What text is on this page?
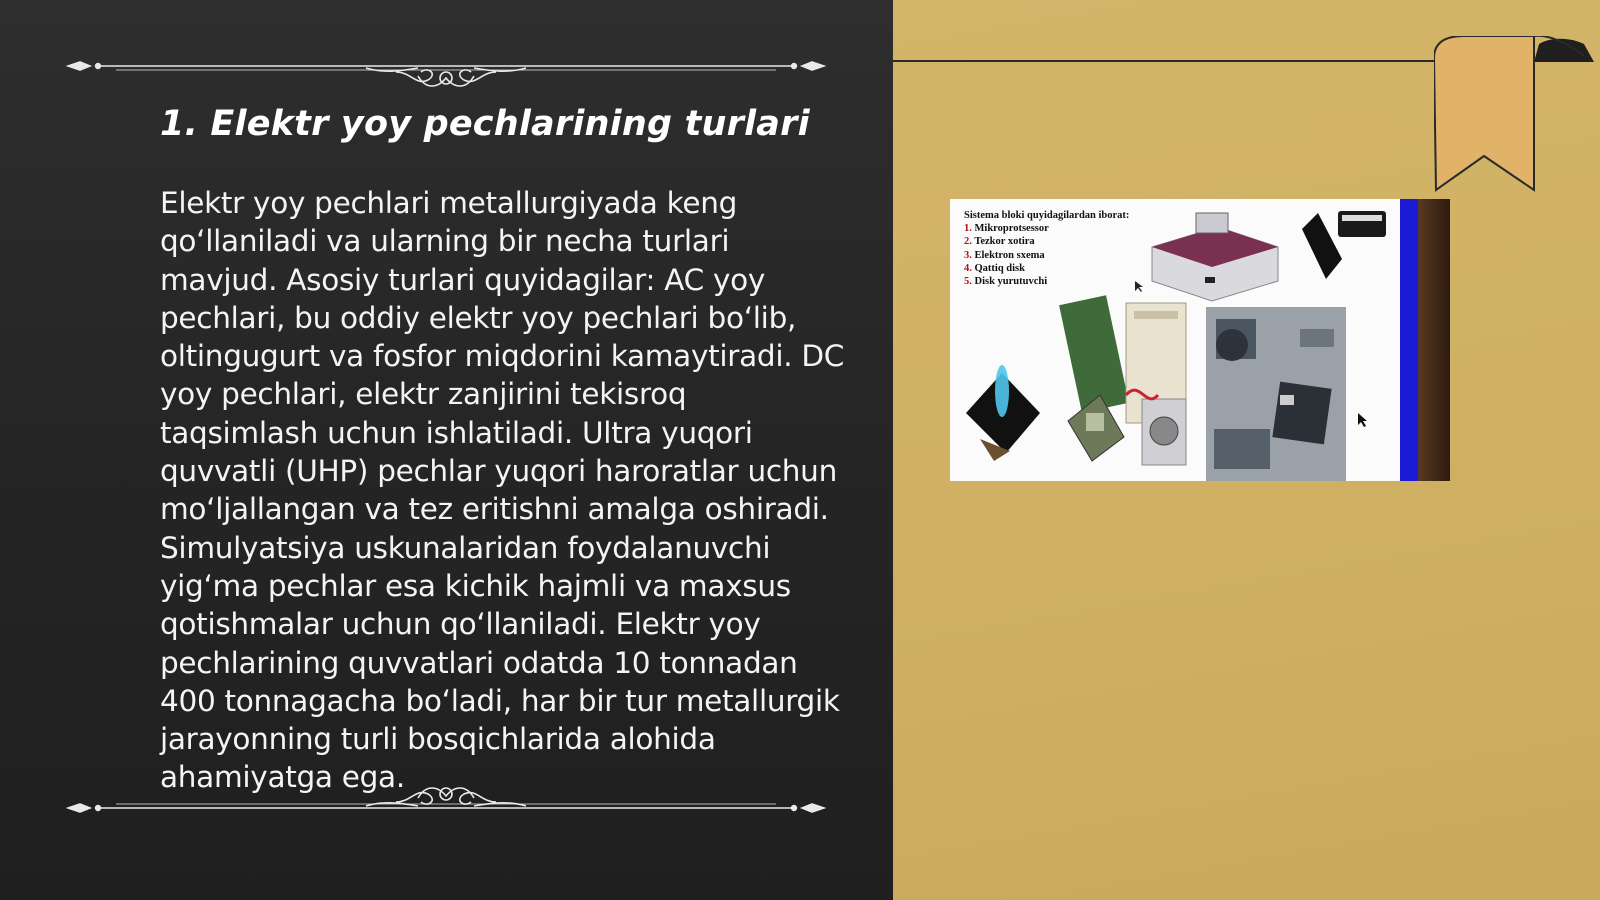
1. Elektr yoy pechlarining turlari

Elektr yoy pechlari metallurgiyada keng qo‘llaniladi va ularning bir necha turlari mavjud. Asosiy turlari quyidagilar: AC yoy pechlari, bu oddiy elektr yoy pechlari bo‘lib, oltingugurt va fosfor miqdorini kamaytiradi. DC yoy pechlari, elektr zanjirini tekisroq taqsimlash uchun ishlatiladi. Ultra yuqori quvvatli (UHP) pechlar yuqori haroratlar uchun mo‘ljallangan va tez eritishni amalga oshiradi. Simulyatsiya uskunalaridan foydalanuvchi yig‘ma pechlar esa kichik hajmli va maxsus qotishmalar uchun qo‘llaniladi. Elektr yoy pechlarining quvvatlari odatda 10 tonnadan 400 tonnagacha bo‘ladi, har bir tur metallurgik jarayonning turli bosqichlarida alohida ahamiyatga ega.

Sistema bloki quyidagilardan iborat:
1. Mikroprotsessor
2. Tezkor xotira
3. Elektron sxema
4. Qattiq disk
5. Disk yurutuvchi
